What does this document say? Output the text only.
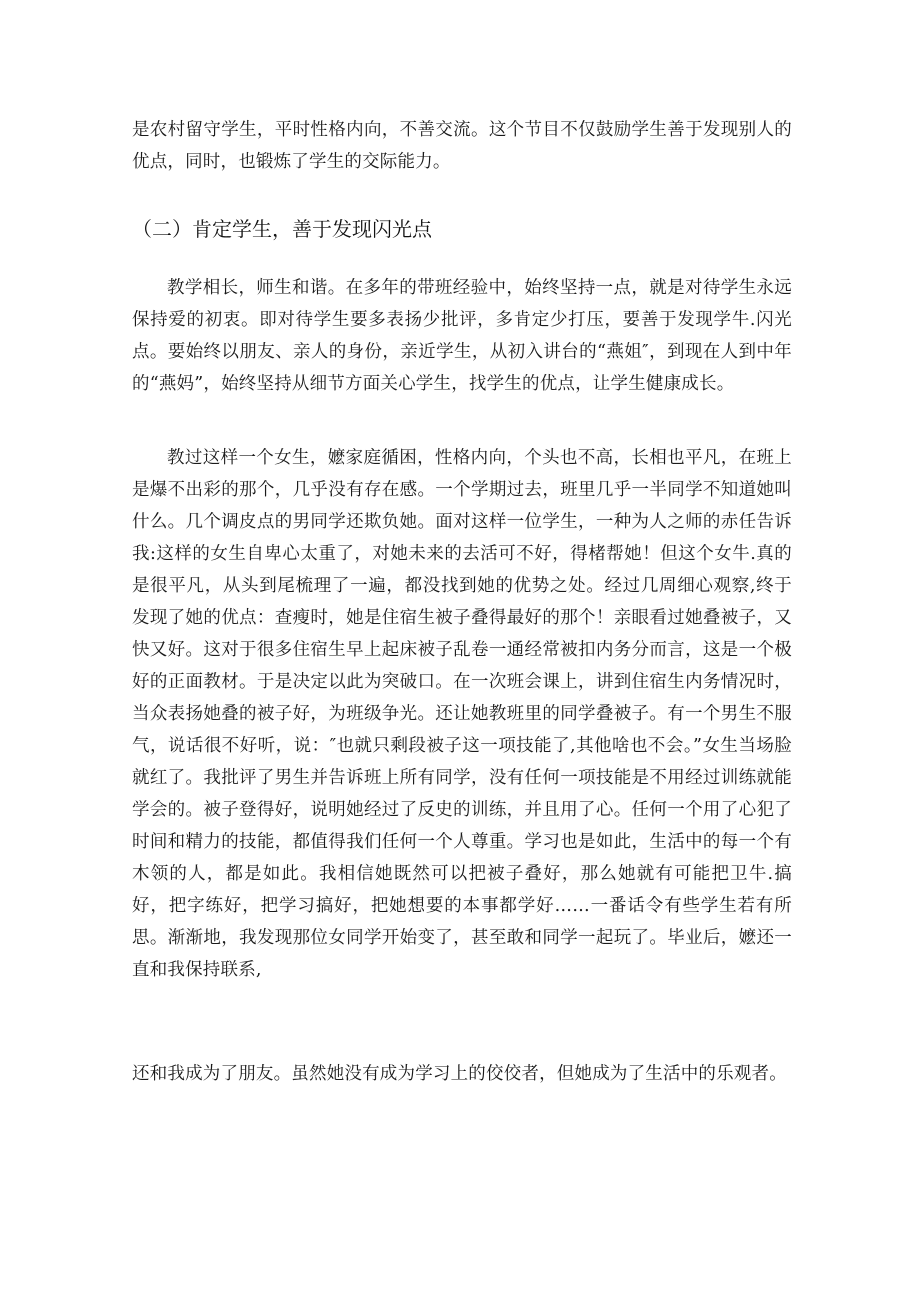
是农村留守学生，平时性格内向，不善交流。这个节目不仅鼓励学生善于发现别人的优点，同时，也锻炼了学生的交际能力。

（二）肯定学生，善于发现闪光点

教学相长，师生和谐。在多年的带班经验中，始终坚持一点，就是对待学生永远保持爱的初衷。即对待学生要多表扬少批评，多肯定少打压，要善于发现学牛.闪光点。要始终以朋友、亲人的身份，亲近学生，从初入讲台的“燕姐″，到现在人到中年的“燕妈”，始终坚持从细节方面关心学生，找学生的优点，让学生健康成长。

教过这样一个女生，嬷家庭循困，性格内向，个头也不高，长相也平凡，在班上是爆不出彩的那个，几乎没有存在感。一个学期过去，班里几乎一半同学不知道她叫什么。几个调皮点的男同学还欺负她。面对这样一位学生，一种为人之师的赤任告诉我:这样的女生自卑心太重了，对她未来的去活可不好，得楮帮她！但这个女牛.真的是很平凡，从头到尾梳理了一遍，都没找到她的优势之处。经过几周细心观察,终于发现了她的优点：查瘦时，她是住宿生被子叠得最好的那个！亲眼看过她叠被子，又快又好。这对于很多住宿生早上起床被子乱卷一通经常被扣内务分而言，这是一个极好的正面教材。于是决定以此为突破口。在一次班会课上，讲到住宿生内务情况时，当众表扬她叠的被子好，为班级争光。还让她教班里的同学叠被子。有一个男生不服气，说话很不好听，说：″也就只剩段被子这一项技能了,其他啥也不会。”女生当场脸就红了。我批评了男生并告诉班上所有同学，没有任何一项技能是不用经过训练就能学会的。被子登得好，说明她经过了反史的训练，并且用了心。任何一个用了心犯了时间和精力的技能，都值得我们任何一个人尊重。学习也是如此，生活中的每一个有木领的人，都是如此。我相信她既然可以把被子叠好，那么她就有可能把卫牛.搞好，把字练好，把学习搞好，把她想要的本事都学好……一番话令有些学生若有所思。渐渐地，我发现那位女同学开始变了，甚至敢和同学一起玩了。毕业后，嬷还一直和我保持联系,

还和我成为了朋友。虽然她没有成为学习上的佼佼者，但她成为了生活中的乐观者。
